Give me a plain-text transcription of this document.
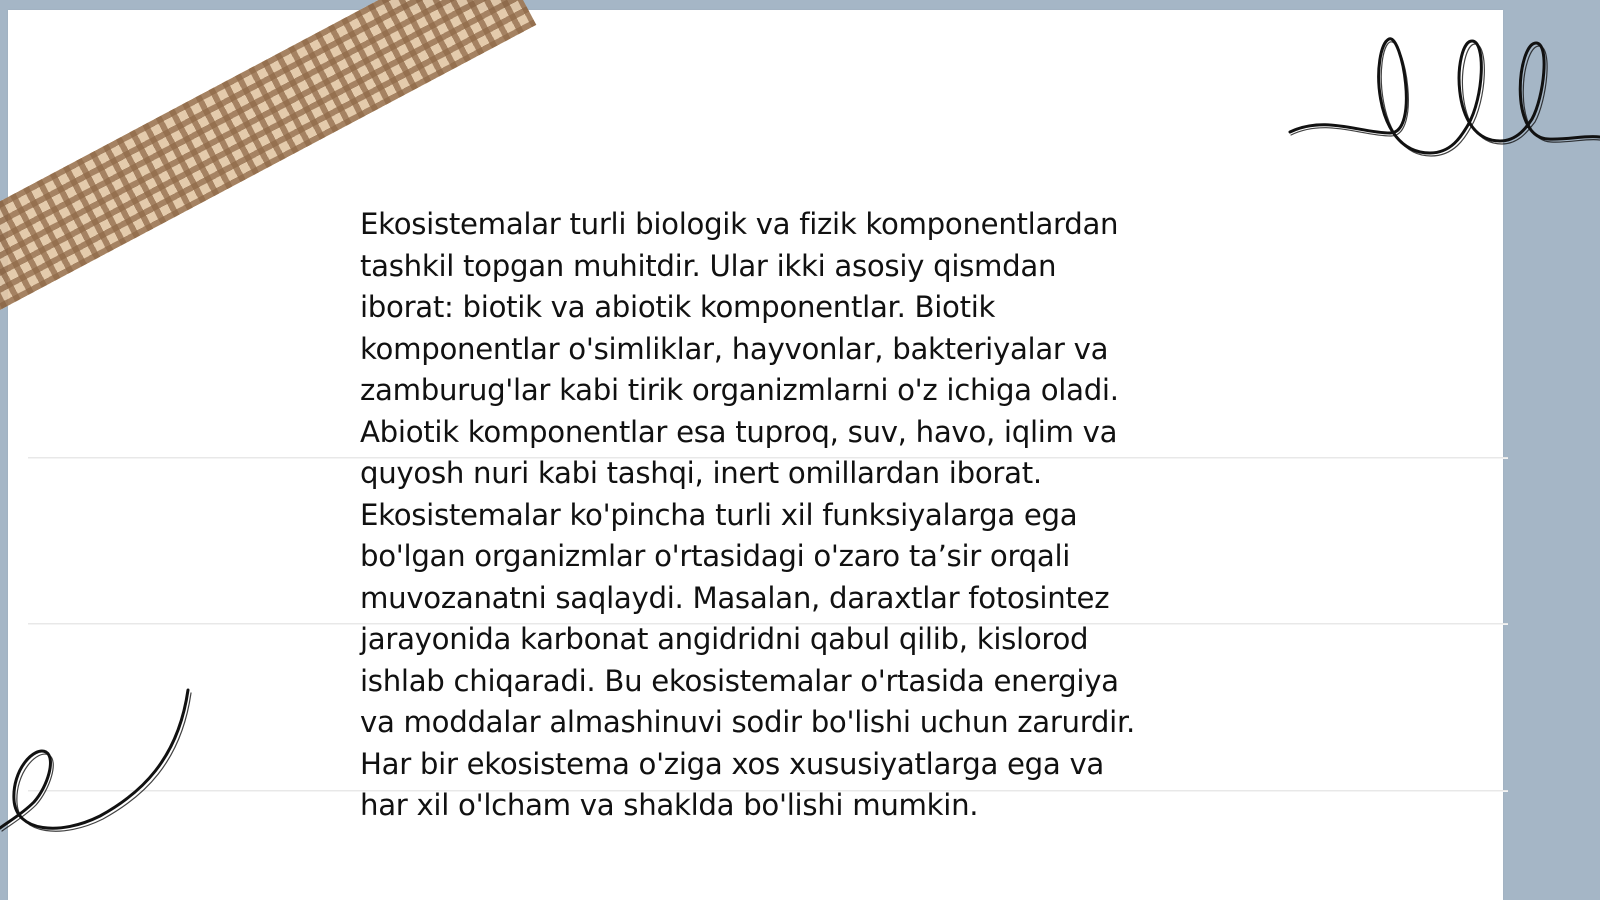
Ekosistemalar turli biologik va fizik komponentlardan
tashkil topgan muhitdir. Ular ikki asosiy qismdan
iborat: biotik va abiotik komponentlar. Biotik
komponentlar o'simliklar, hayvonlar, bakteriyalar va
zamburug'lar kabi tirik organizmlarni o'z ichiga oladi.
Abiotik komponentlar esa tuproq, suv, havo, iqlim va
quyosh nuri kabi tashqi, inert omillardan iborat.
Ekosistemalar ko'pincha turli xil funksiyalarga ega
bo'lgan organizmlar o'rtasidagi o'zaro ta’sir orqali
muvozanatni saqlaydi. Masalan, daraxtlar fotosintez
jarayonida karbonat angidridni qabul qilib, kislorod
ishlab chiqaradi. Bu ekosistemalar o'rtasida energiya
va moddalar almashinuvi sodir bo'lishi uchun zarurdir.
Har bir ekosistema o'ziga xos xususiyatlarga ega va
har xil o'lcham va shaklda bo'lishi mumkin.
